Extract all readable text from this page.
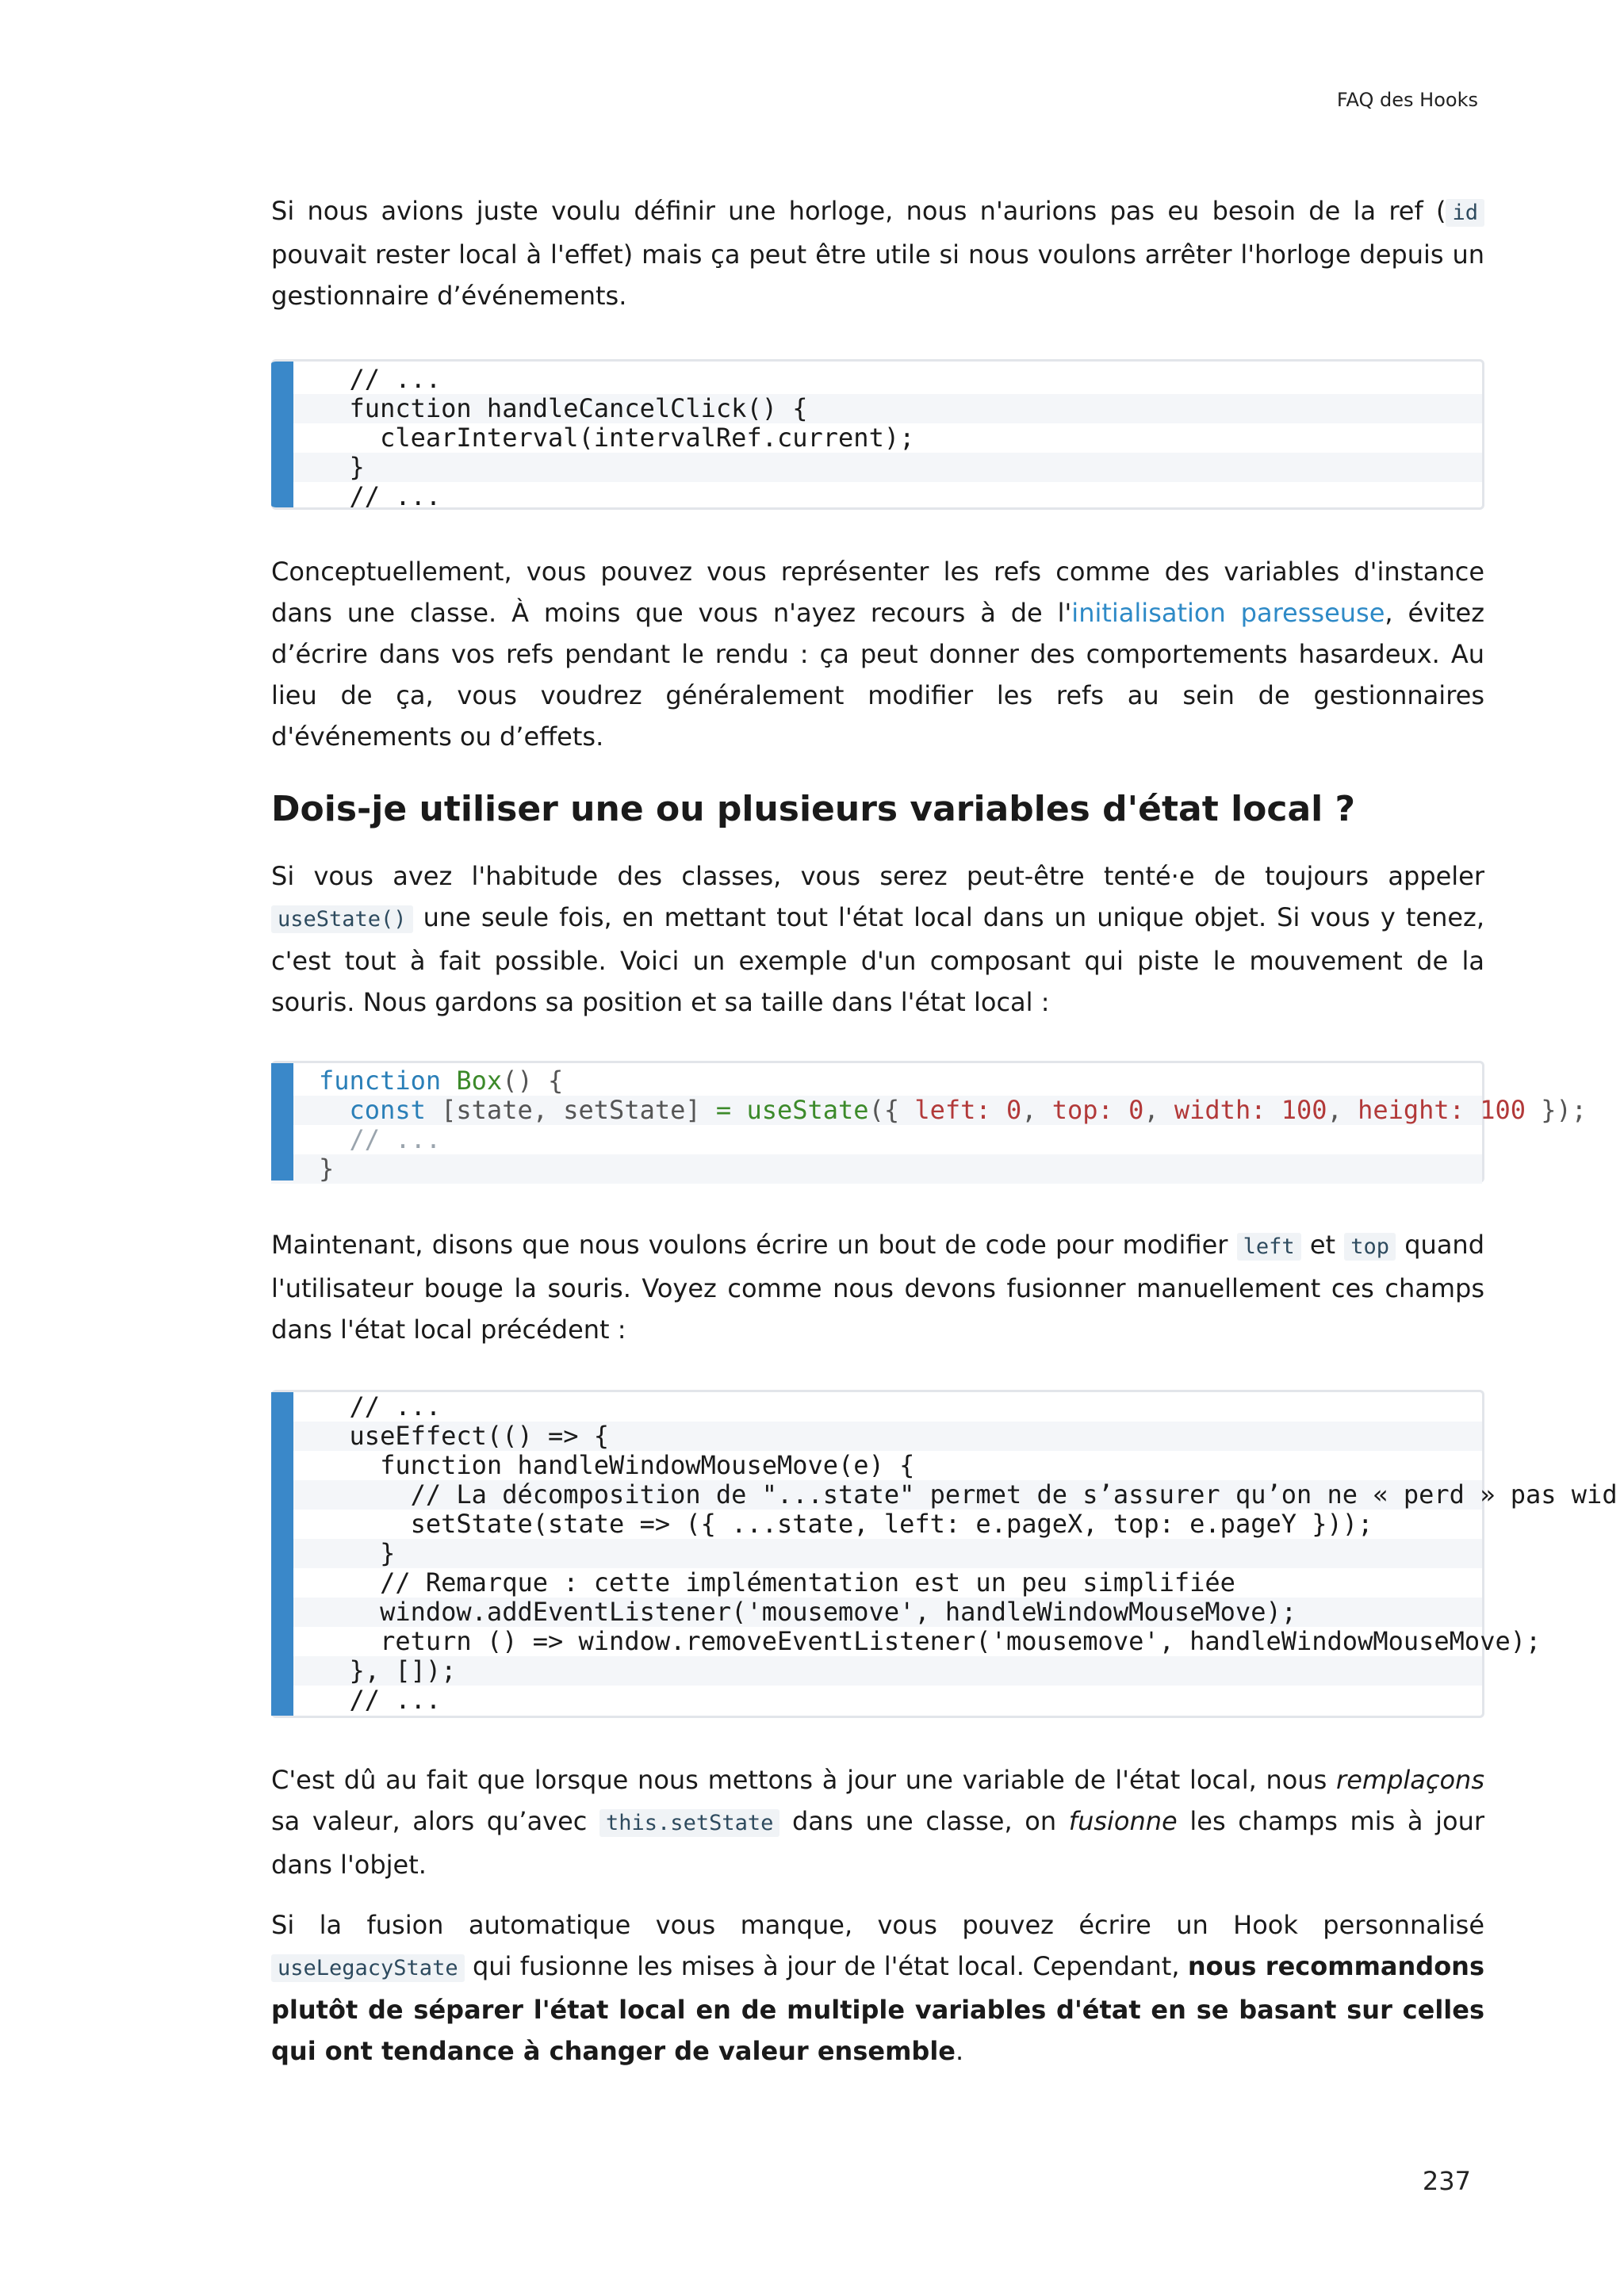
FAQ des Hooks

Si nous avions juste voulu définir une horloge, nous n'aurions pas eu besoin de la ref ( id pouvait rester local à l'effet) mais ça peut être utile si nous voulons arrêter l'horloge depuis un gestionnaire d’événements.

// ...
function handleCancelClick() {
clearInterval(intervalRef.current);
}
// ...

Conceptuellement, vous pouvez vous représenter les refs comme des variables d'instance dans une classe. À moins que vous n'ayez recours à de l'initialisation paresseuse, évitez d’écrire dans vos refs pendant le rendu : ça peut donner des comportements hasardeux. Au lieu de ça, vous voudrez généralement modifier les refs au sein de gestionnaires d'événements ou d’effets.

Dois-je utiliser une ou plusieurs variables d'état local ?

Si vous avez l'habitude des classes, vous serez peut-être tenté·e de toujours appeler useState() une seule fois, en mettant tout l'état local dans un unique objet. Si vous y tenez, c'est tout à fait possible. Voici un exemple d'un composant qui piste le mouvement de la souris. Nous gardons sa position et sa taille dans l'état local :

function Box() {
const [state, setState] = useState({ left: 0, top: 0, width: 100, height: 100 });
// ...
}

Maintenant, disons que nous voulons écrire un bout de code pour modifier left et top quand l'utilisateur bouge la souris. Voyez comme nous devons fusionner manuellement ces champs dans l'état local précédent :

// ...
useEffect(() => {
function handleWindowMouseMove(e) {
// La décomposition de "...state" permet de s’assurer qu’on ne « perd » pas wid
setState(state => ({ ...state, left: e.pageX, top: e.pageY }));
}
// Remarque : cette implémentation est un peu simplifiée
window.addEventListener('mousemove', handleWindowMouseMove);
return () => window.removeEventListener('mousemove', handleWindowMouseMove);
}, []);
// ...

C'est dû au fait que lorsque nous mettons à jour une variable de l'état local, nous remplaçons sa valeur, alors qu’avec this.setState dans une classe, on fusionne les champs mis à jour dans l'objet.

Si la fusion automatique vous manque, vous pouvez écrire un Hook personnalisé useLegacyState qui fusionne les mises à jour de l'état local. Cependant, nous recommandons plutôt de séparer l'état local en de multiple variables d'état en se basant sur celles qui ont tendance à changer de valeur ensemble.

237
